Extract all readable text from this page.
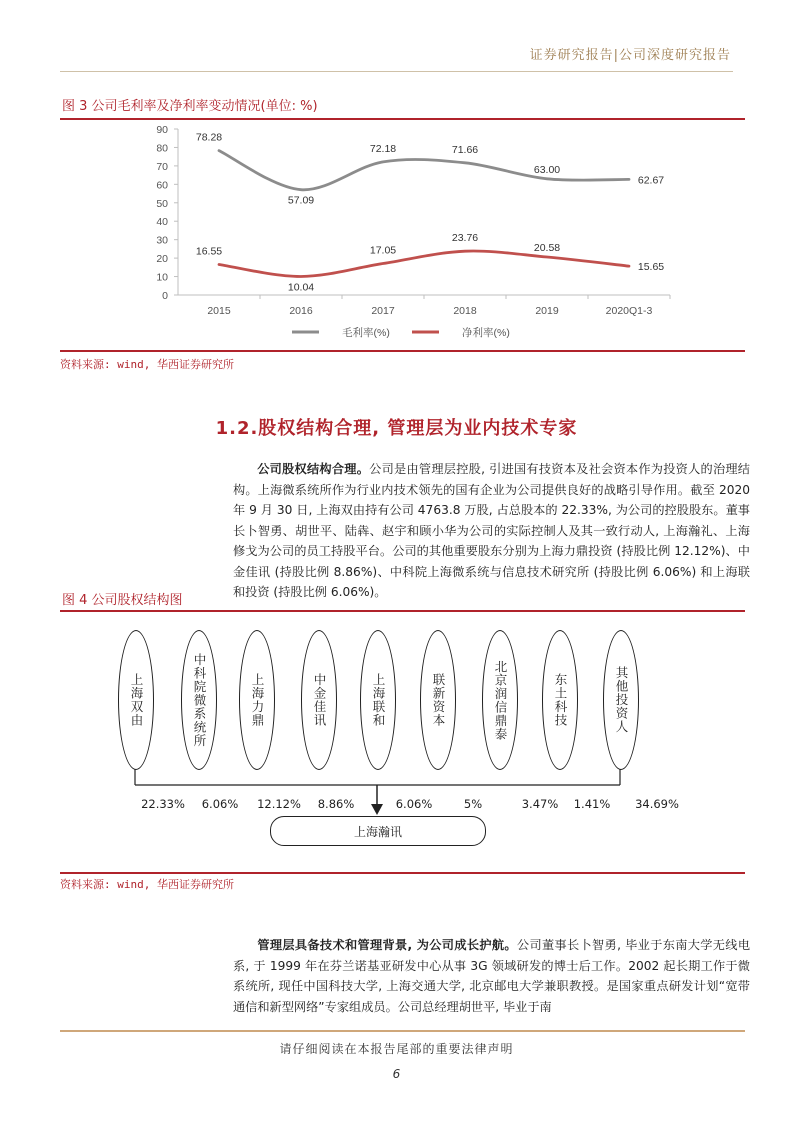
证券研究报告|公司深度研究报告
图 3 公司毛利率及净利率变动情况(单位: %)
0
10
20
30
40
50
60
70
80
90
2015	2016	2017	2018	2019	2020Q1-3
78.28
57.09
72.18	71.66
63.00
62.67
16.55
10.04
17.05
23.76
20.58
15.65
毛利率(%)	净利率(%)
资料来源: wind, 华西证券研究所
1.2.股权结构合理, 管理层为业内技术专家
公司股权结构合理。公司是由管理层控股, 引进国有技资本及社会资本作为投资人的治理结构。上海微系统所作为行业内技术领先的国有企业为公司提供良好的战略引导作用。截至 2020 年 9 月 30 日, 上海双由持有公司 4763.8 万股, 占总股本的 22.33%, 为公司的控股股东。董事长卜智勇、胡世平、陆犇、赵宇和顾小华为公司的实际控制人及其一致行动人, 上海瀚礼、上海修戈为公司的员工持股平台。公司的其他重要股东分别为上海力鼎投资 (持股比例 12.12%)、中金佳讯 (持股比例 8.86%)、中科院上海微系统与信息技术研究所 (持股比例 6.06%) 和上海联和投资 (持股比例 6.06%)。
图 4 公司股权结构图
上海双由
22.33%
中科院微系统所
6.06%
上海力鼎
12.12%
中金佳讯
8.86%
上海联和
6.06%
联新资本
5%
北京润信鼎泰
3.47%
东土科技
1.41%
其他投资人
34.69%
上海瀚讯
资料来源: wind, 华西证券研究所
管理层具备技术和管理背景, 为公司成长护航。公司董事长卜智勇, 毕业于东南大学无线电系, 于 1999 年在芬兰诺基亚研发中心从事 3G 领域研发的博士后工作。2002 起长期工作于微系统所, 现任中国科技大学, 上海交通大学, 北京邮电大学兼职教授。是国家重点研发计划“宽带通信和新型网络”专家组成员。公司总经理胡世平, 毕业于南
请仔细阅读在本报告尾部的重要法律声明
6
